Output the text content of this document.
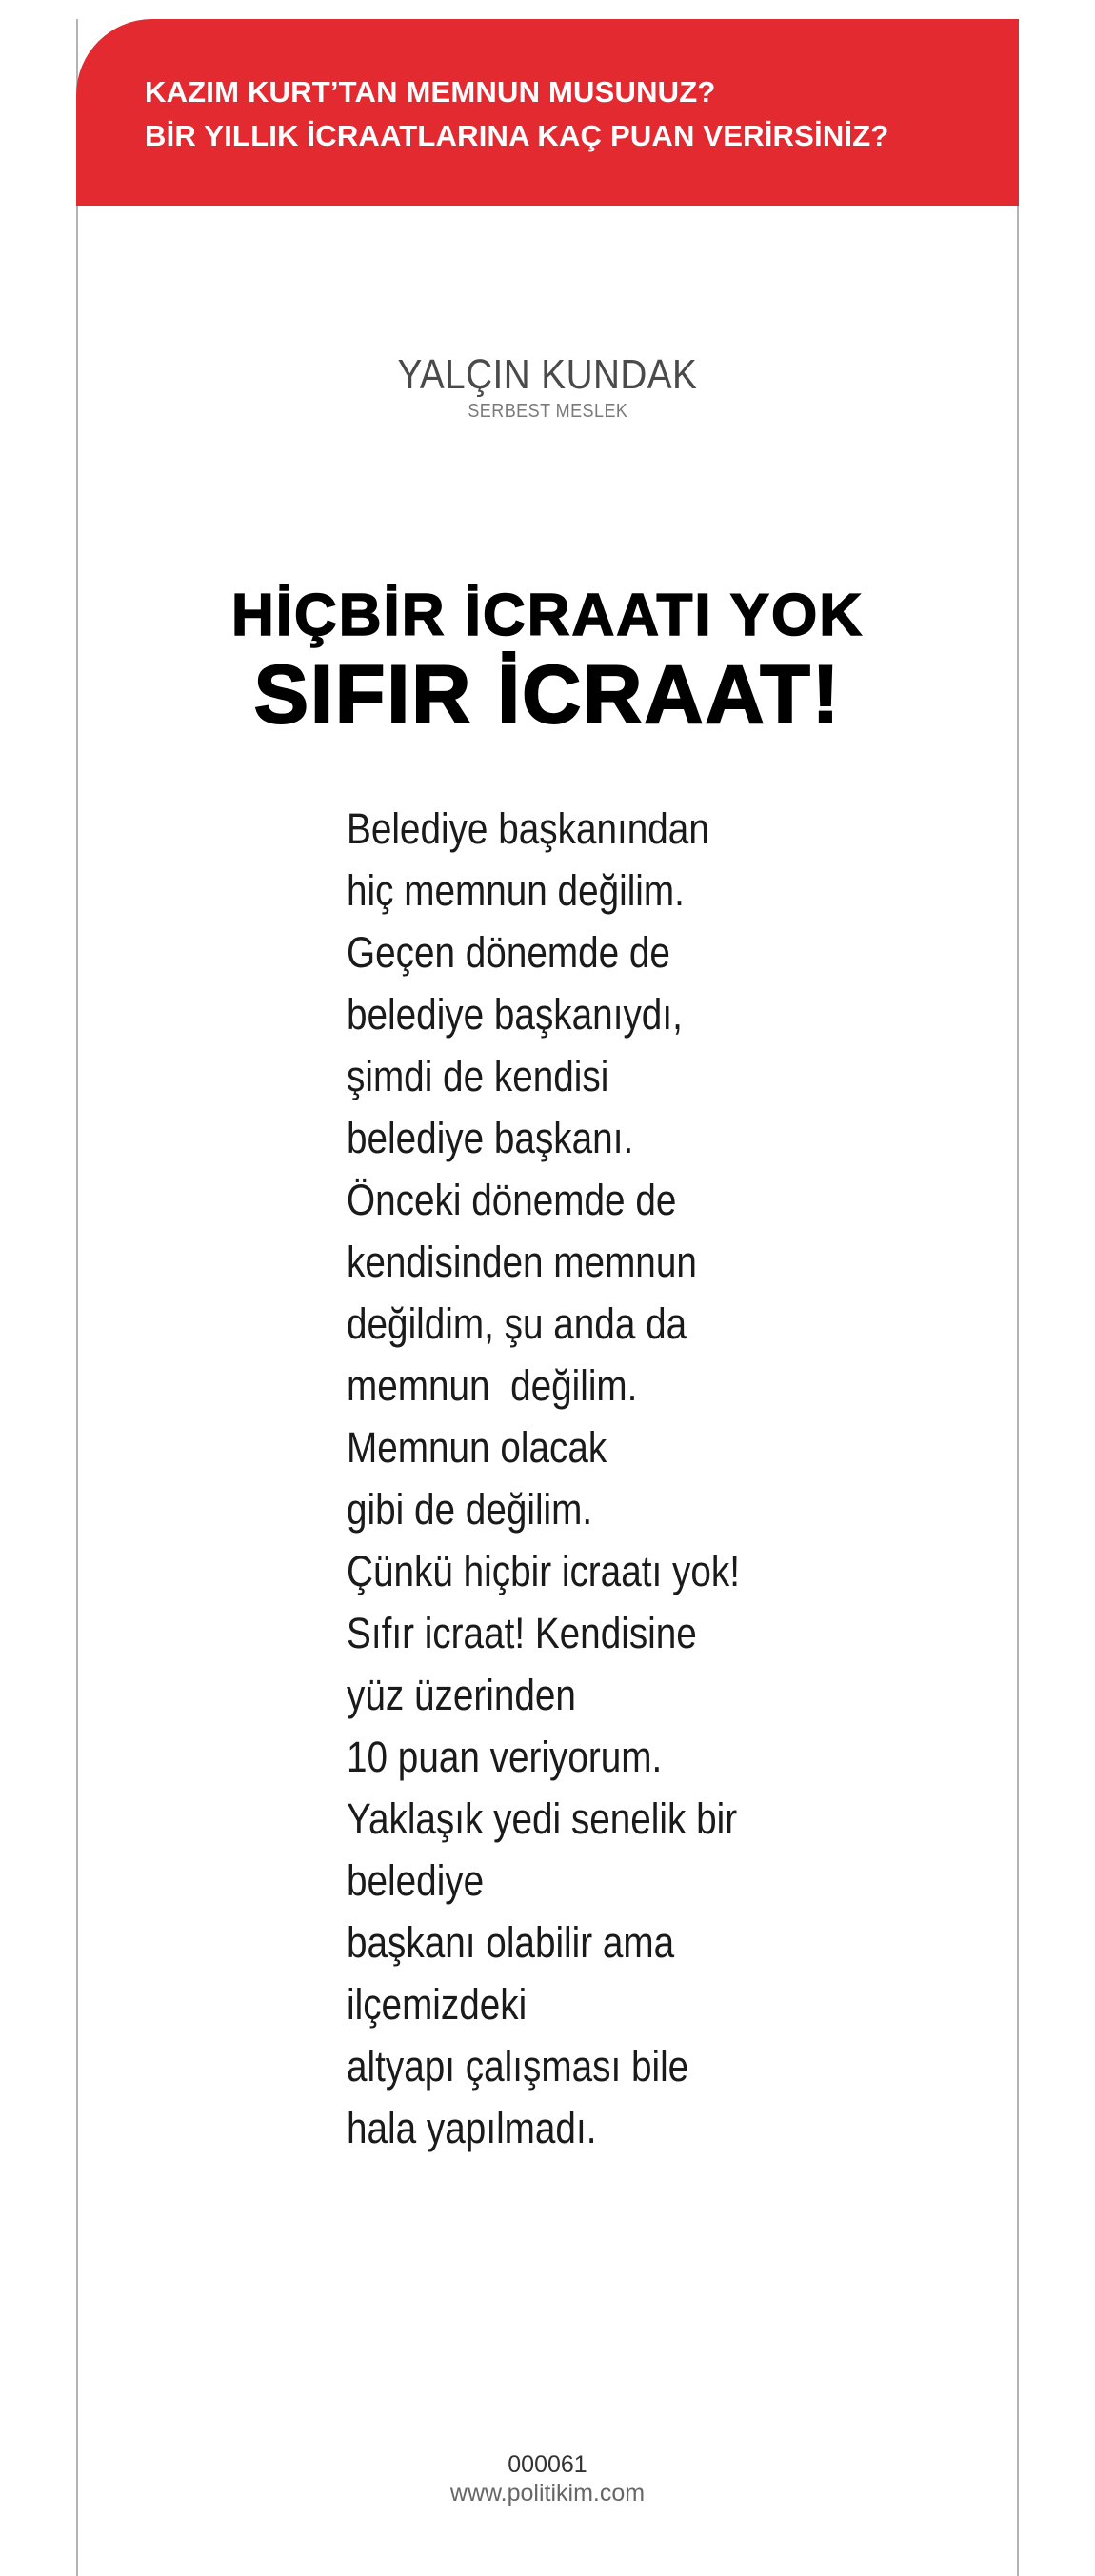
KAZIM KURT’TAN MEMNUN MUSUNUZ?
BİR YILLIK İCRAATLARINA KAÇ PUAN VERİRSİNİZ?
YALÇIN KUNDAK
SERBEST MESLEK
HİÇBİR İCRAATI YOK
SIFIR İCRAAT!
Belediye başkanından
hiç memnun değilim.
Geçen dönemde de
belediye başkanıydı,
şimdi de kendisi
belediye başkanı.
Önceki dönemde de
kendisinden memnun
değildim, şu anda da
memnun  değilim.
Memnun olacak
gibi de değilim.
Çünkü hiçbir icraatı yok!
Sıfır icraat! Kendisine
yüz üzerinden
10 puan veriyorum.
Yaklaşık yedi senelik bir
belediye
başkanı olabilir ama
ilçemizdeki
altyapı çalışması bile
hala yapılmadı.
000061
www.politikim.com
